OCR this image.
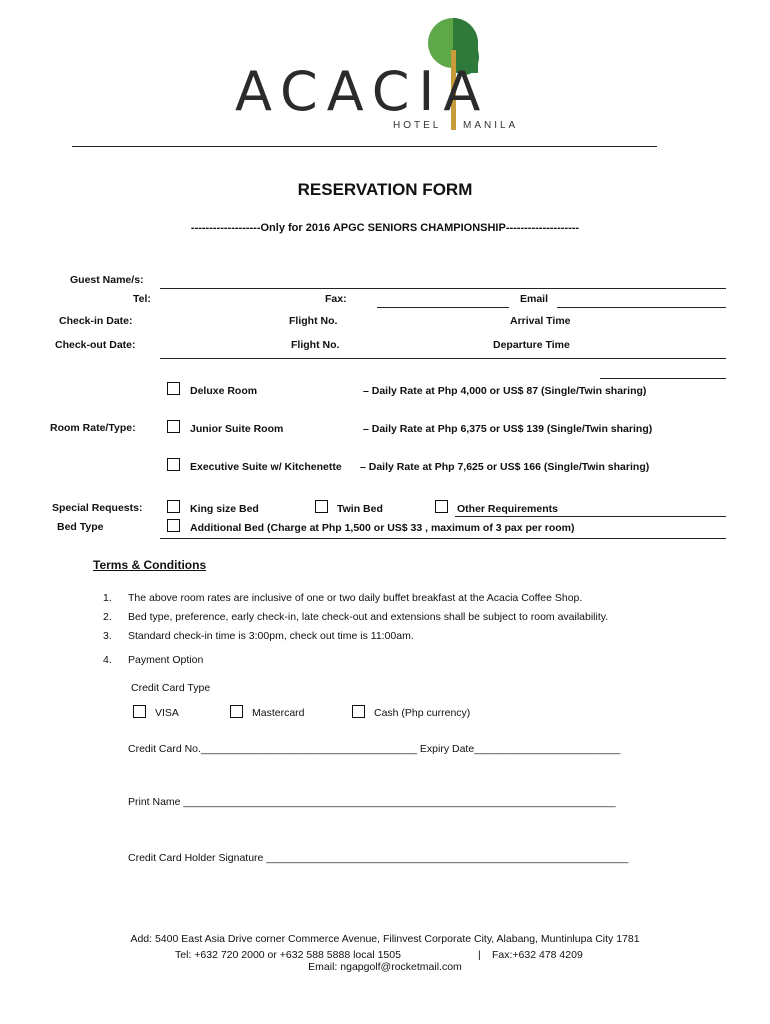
ACACIA
HOTEL MANILA
RESERVATION FORM
-------------------Only for 2016 APGC SENIORS CHAMPIONSHIP--------------------
Guest Name/s:
Tel:	Fax:	Email
Check-in Date:	Flight No.	Arrival Time
Check-out Date:	Flight No.	Departure Time
Room Rate/Type:
Deluxe Room	– Daily Rate at Php 4,000 or US$ 87 (Single/Twin sharing)
Junior Suite Room	– Daily Rate at Php 6,375 or US$ 139 (Single/Twin sharing)
Executive Suite w/ Kitchenette – Daily Rate at Php 7,625 or US$ 166 (Single/Twin sharing)
Special Requests:
Bed Type
King size Bed	Twin Bed	Other Requirements
Additional Bed (Charge at Php 1,500 or US$ 33 , maximum of 3 pax per room)
Terms & Conditions
1. The above room rates are inclusive of one or two daily buffet breakfast at the Acacia Coffee Shop.
2. Bed type, preference, early check-in, late check-out and extensions shall be subject to room availability.
3. Standard check-in time is 3:00pm, check out time is 11:00am.
4. Payment Option
Credit Card Type
VISA	Mastercard	Cash (Php currency)
Credit Card No._____________________________________ Expiry Date_________________________
Print Name __________________________________________________________________________
Credit Card Holder Signature ______________________________________________________________
Add: 5400 East Asia Drive corner Commerce Avenue, Filinvest Corporate City, Alabang, Muntinlupa City 1781
Tel: +632 720 2000 or +632 588 5888 local 1505	| Fax:+632 478 4209
Email: ngapgolf@rocketmail.com
